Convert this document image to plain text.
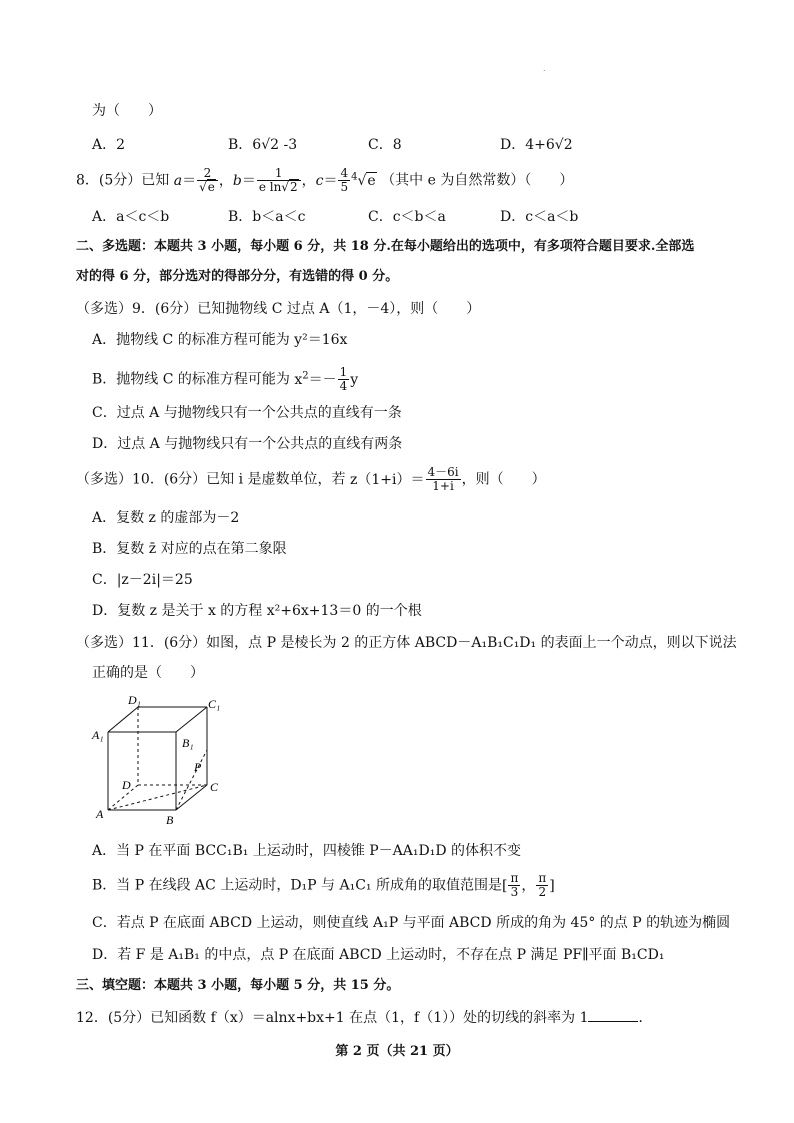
.
为（　　）
A．2	B．6√2 -3	C．8	D．4+6√2
8．(5分）已知 $a= \frac{2}{√e}$ ，$b= \frac{1}{\text{e ln√2}}$ ，$c= \frac{4}{5} ^4√e$ （其中 e 为自然常数）（　　）
A．a＜c＜b	B．b＜a＜c	C．c＜b＜a	D．c＜a＜b
二、多选题：本题共 3 小题，每小题 6 分，共 18 分.在每小题给出的选项中，有多项符合题目要求.全部选
对的得 6 分，部分选对的得部分分，有选错的得 0 分。
（多选）9．(6分）已知抛物线 C 过点 A（1，－4），则（　　）
A．抛物线 C 的标准方程可能为 y²＝16x
B．抛物线 C 的标准方程可能为 $x^2=- \frac{1}{4}$ y
C．过点 A 与抛物线只有一个公共点的直线有一条
D．过点 A 与抛物线只有一个公共点的直线有两条
（多选）10．(6分）已知 i 是虚数单位，若 $z(1+i)= \frac{4-6i}{1+i}$ ，则（　　）
A．复数 z 的虚部为－2
B．复数 z̄ 对应的点在第二象限
C．|z－2i|＝25
D．复数 z 是关于 x 的方程 x²+6x+13＝0 的一个根
（多选）11．(6分）如图，点 P 是棱长为 2 的正方体 ABCD－A₁B₁C₁D₁ 的表面上一个动点，则以下说法
正确的是（　　）
D₁	C₁
A₁
B₁
P
D	C
A	B
A．当 P 在平面 BCC₁B₁ 上运动时，四棱锥 P－AA₁D₁D 的体积不变
B．当 P 在线段 AC 上运动时，D₁P 与 A₁C₁ 所成角的取值范围是[ $\frac{\pi}{3}$ ， $\frac{\pi}{2}$ ]
C．若点 P 在底面 ABCD 上运动，则使直线 A₁P 与平面 ABCD 所成的角为 45° 的点 P 的轨迹为椭圆
D．若 F 是 A₁B₁ 的中点，点 P 在底面 ABCD 上运动时，不存在点 P 满足 PF∥平面 B₁CD₁
三、填空题：本题共 3 小题，每小题 5 分，共 15 分。
12．(5分）已知函数 f（x）＝alnx+bx+1 在点（1，f（1））处的切线的斜率为 1	．
第 2 页（共 21 页）
